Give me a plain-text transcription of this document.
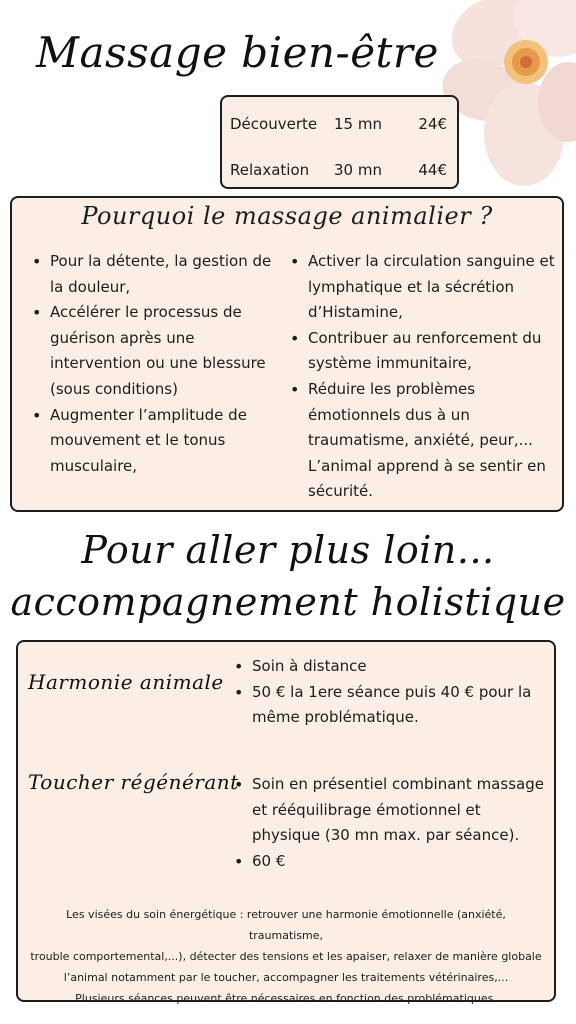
Massage bien-être
Découverte 15 mn 24€
Relaxation 30 mn 44€
Pourquoi le massage animalier ?
• Pour la détente, la gestion de la douleur,
• Accélérer le processus de guérison après une intervention ou une blessure (sous conditions)
• Augmenter l’amplitude de mouvement et le tonus musculaire,
• Activer la circulation sanguine et lymphatique et la sécrétion d’Histamine,
• Contribuer au renforcement du système immunitaire,
• Réduire les problèmes émotionnels dus à un traumatisme, anxiété, peur,... L’animal apprend à se sentir en sécurité.
Pour aller plus loin...
accompagnement holistique
Harmonie animale
• Soin à distance
• 50 € la 1ere séance puis 40 € pour la même problématique.
Toucher régénérant
• Soin en présentiel combinant massage et rééquilibrage émotionnel et physique (30 mn max. par séance).
• 60 €
Les visées du soin énergétique : retrouver une harmonie émotionnelle (anxiété, traumatisme,
trouble comportemental,...), détecter des tensions et les apaiser, relaxer de manière globale
l’animal notamment par le toucher, accompagner les traitements vétérinaires,...
Plusieurs séances peuvent être nécessaires en fonction des problématiques.
